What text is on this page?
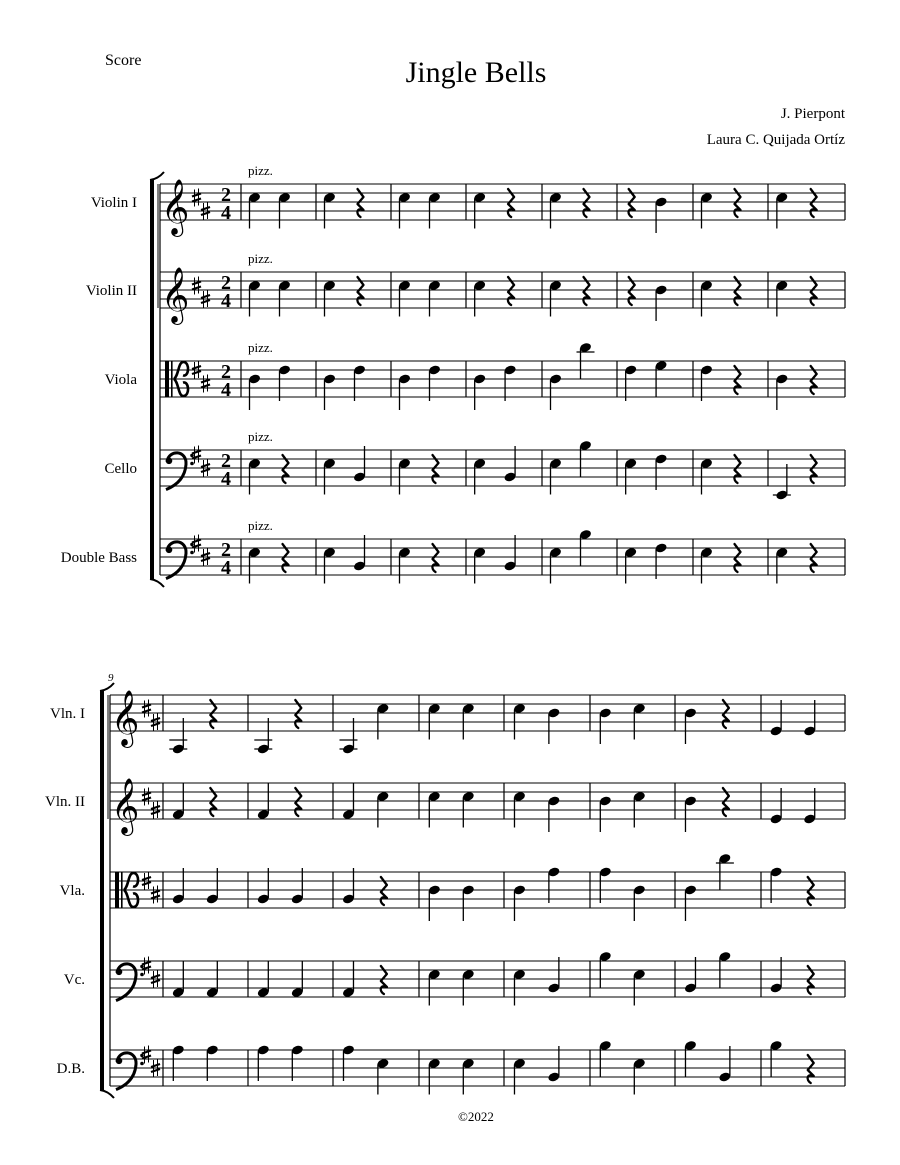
Score	Jingle Bells
J. Pierpont
Laura C. Quijada Ortíz
©2022
Violin I 𝄞 2
4
pizz.
Violin II 𝄞 2
4
pizz.
Viola	2
4
pizz.
Cello	2
4
pizz.
Double Bass	2
4
pizz.
9
Vln. I 𝄞
Vln. II 𝄞
Vla.
Vc.
D.B.
